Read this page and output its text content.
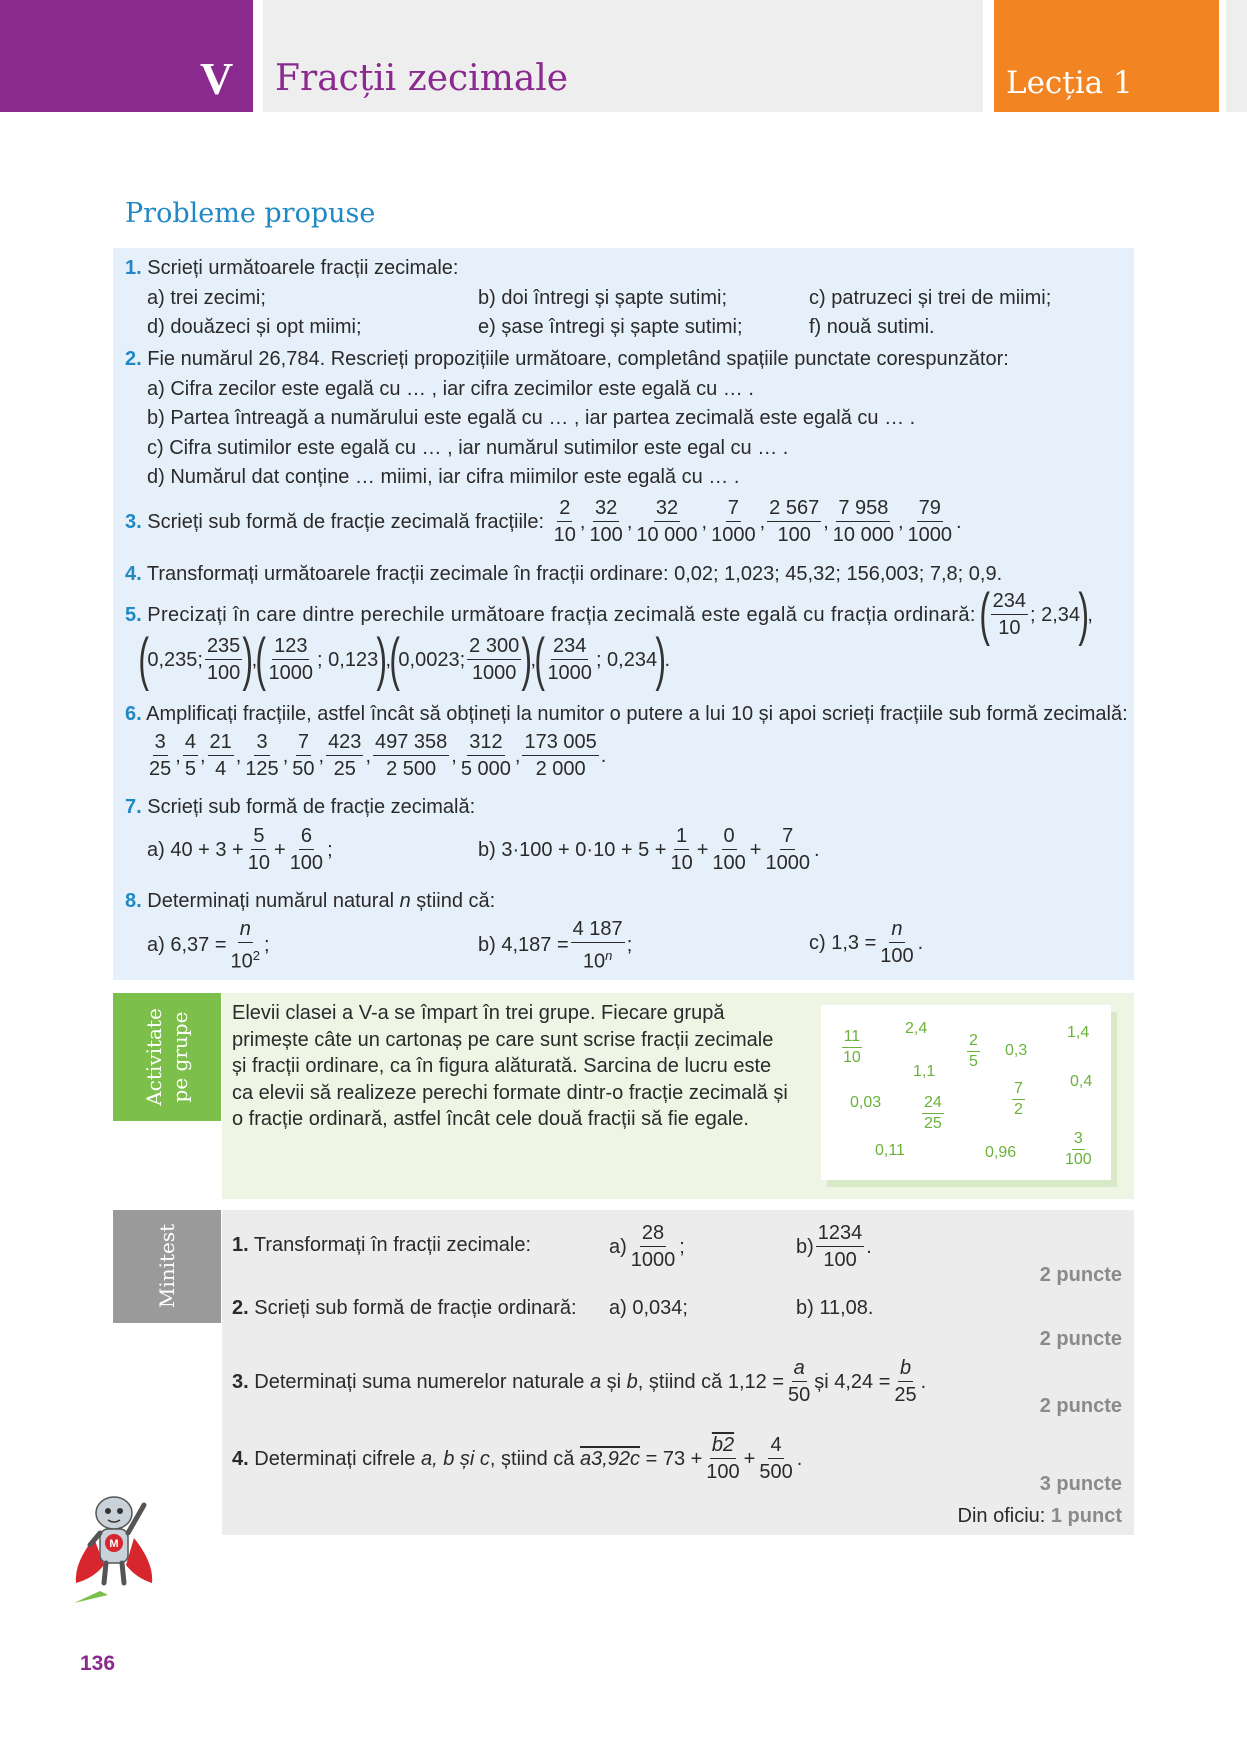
V Fracții zecimale	Lecția 1
Probleme propuse
1. Scrieți următoarele fracții zecimale:
a) trei zecimi;	b) doi întregi și șapte sutimi;	c) patruzeci și trei de miimi;
d) douăzeci și opt miimi;	e) șase întregi și șapte sutimi;	f) nouă sutimi.
2. Fie numărul 26,784. Rescrieți propozițiile următoare, completând spațiile punctate corespunzător:
a) Cifra zecilor este egală cu … , iar cifra zecimilor este egală cu … .
b) Partea întreagă a numărului este egală cu … , iar partea zecimală este egală cu … .
c) Cifra sutimilor este egală cu … , iar numărul sutimilor este egal cu … .
d) Numărul dat conține … miimi, iar cifra miimilor este egală cu … .
3.
Scrieți sub formă de fracție zecimală fracțiile:
$\frac{2}{10}$ , $\frac{32}{100}$ , $\frac{32}{10 000}$ , $\frac{7}{1000}$ , $\frac{2 567}{100}$ , $\frac{7 958}{10 000}$ , $\frac{79}{1000}$ .
4. Transformați următoarele fracții zecimale în fracții ordinare: 0,02; 1,023; 45,32; 156,003; 7,8; 0,9.
5.
Precizați în care dintre perechile următoare fracția zecimală este egală cu fracția ordinară:
( $\frac{234}{10}$ ; 2,34
)
,
(
0,235; $\frac{235}{100}$ )
,
( $\frac{123}{1000}$ ; 0,123
)
,
(
0,0023; $\frac{2 300}{1000}$ )
,
( $\frac{234}{1000}$ ; 0,234
)
.
6. Amplificați fracțiile, astfel încât să obțineți la numitor o putere a lui 10 și apoi scrieți fracțiile sub formă zecimală:
$\frac{3}{25}$ , $\frac{4}{5}$ , $\frac{21}{4}$ , $\frac{3}{125}$ , $\frac{7}{50}$ , $\frac{423}{25}$ , $\frac{497 358}{2 500}$ , $\frac{312}{5 000}$ , $\frac{173 005}{2 000}$ .
7. Scrieți sub formă de fracție zecimală:
a) $40 + 3 + \frac{5}{10} + \frac{6}{100}$ ;	b) $3\cdot 100 + 0\cdot 10 + 5 + \frac{1}{10} + \frac{0}{100} + \frac{7}{1000}$ .
8. Determinați numărul natural n știind că:
a) $6,37 = \frac{n}{10^2}$ ;	b) $4,187 = \frac{4 187}{10^n}$ ;	c) $1,3 = \frac{n}{100}$ .
Activitate pe grupe Elevii clasei a V-a se împart în trei grupe. Fiecare grupă primește câte un cartonaș pe care sunt scrise fracții zecimale și fracții ordinare, ca în figura alăturată. Sarcina de lucru este ca elevii să realizeze perechi formate dintr-o fracție zecimală și o fracție ordinară, astfel încât cele două fracții să fie egale.
$\frac{11}{10}$	2,4
$\frac{2}{5} 0,3$
1,4
1,1
$\frac{7}{2}$	0,4
0,03	$\frac{24}{25}$
0,11	0,96	$\frac{3}{100}$
Minitest	1. Transformați în fracții zecimale:	$a) \frac{28}{1000}$ ;	$b) \frac{1234}{100}$ .
2 puncte
2. Scrieți sub formă de fracție ordinară: a) 0,034;	b) 11,08.
2 puncte
3.
Determinați suma numerelor naturale
a
și
b , știind că $1,12 = \frac{a}{50}$ și $4,24 = \frac{b}{25}$ .
2 puncte
4.
Determinați cifrele
a, b și c , știind că
a3,92c
= $73 + \frac{b2}{100} + \frac{4}{500}$ .
3 puncte
Din oficiu: 1 punct
M
136
